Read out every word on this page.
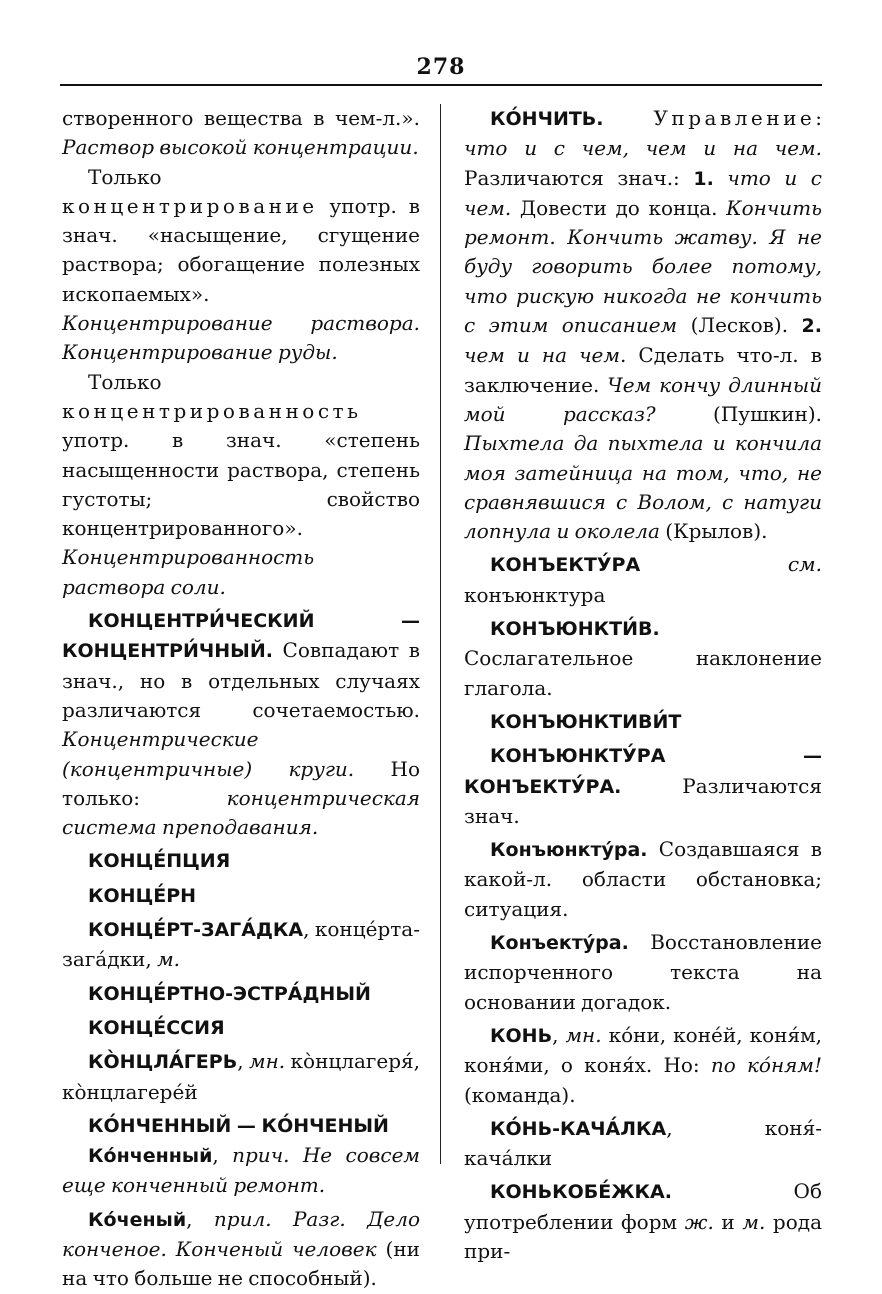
278

створенного вещества в чем-л.». Раствор высокой концентрации.

Только концентрирование употр. в знач. «насыщение, сгущение раствора; обогащение полезных ископаемых». Концентрирование раствора. Концентрирование руды.

Только концентрированность употр. в знач. «степень насыщенности раствора, степень густоты; свойство концентрированного». Концентрированность раствора соли.

КОНЦЕНТРИ́ЧЕСКИЙ — КОНЦЕНТРИ́ЧНЫЙ. Совпадают в знач., но в отдельных случаях различаются сочетаемостью. Концентрические (концентричные) круги. Но только: концентрическая система преподавания.

КОНЦЕ́ПЦИЯ

КОНЦЕ́РН

КОНЦЕ́РТ-ЗАГА́ДКА, конце́рта-зага́дки, м.

КОНЦЕ́РТНО-ЭСТРА́ДНЫЙ

КОНЦЕ́ССИЯ

КО̀НЦЛА́ГЕРЬ, мн. ко̀нцлагеря́, ко̀нцлагере́й

КО́НЧЕННЫЙ — КО́НЧЕНЫЙ

Ко́нченный, прич. Не совсем еще конченный ремонт.

Ко́ченый, прил. Разг. Дело конченое. Конченый человек (ни на что больше не способный).

КО́НЧИТЬ. Управление: что и с чем, чем и на чем. Различаются знач.: 1. что и с чем. Довести до конца. Кончить ремонт. Кончить жатву. Я не буду говорить более потому, что рискую никогда не кончить с этим описанием (Лесков). 2. чем и на чем. Сделать что-л. в заключение. Чем кончу длинный мой рассказ? (Пушкин). Пыхтела да пыхтела и кончила моя затейница на том, что, не сравнявшися с Волом, с натуги лопнула и околела (Крылов).

КОНЪЕКТУ́РА	см. конъюнктура

КОНЪЮНКТИ́В. Сослагательное наклонение глагола.

КОНЪЮНКТИВИ́Т

КОНЪЮНКТУ́РА — КОНЪЕКТУ́РА. Различаются знач.

Конъюнкту́ра. Создавшаяся в какой-л. области обстановка; ситуация.

Конъекту́ра. Восстановление испорченного текста на основании догадок.

КОНЬ, мн. ко́ни, коне́й, коня́м, коня́ми, о коня́х. Но: по ко́ням! (команда).

КО́НЬ-КАЧА́ЛКА, коня́-кача́лки

КОНЬКОБЕ́ЖКА. Об употреблении форм ж. и м. рода при-
